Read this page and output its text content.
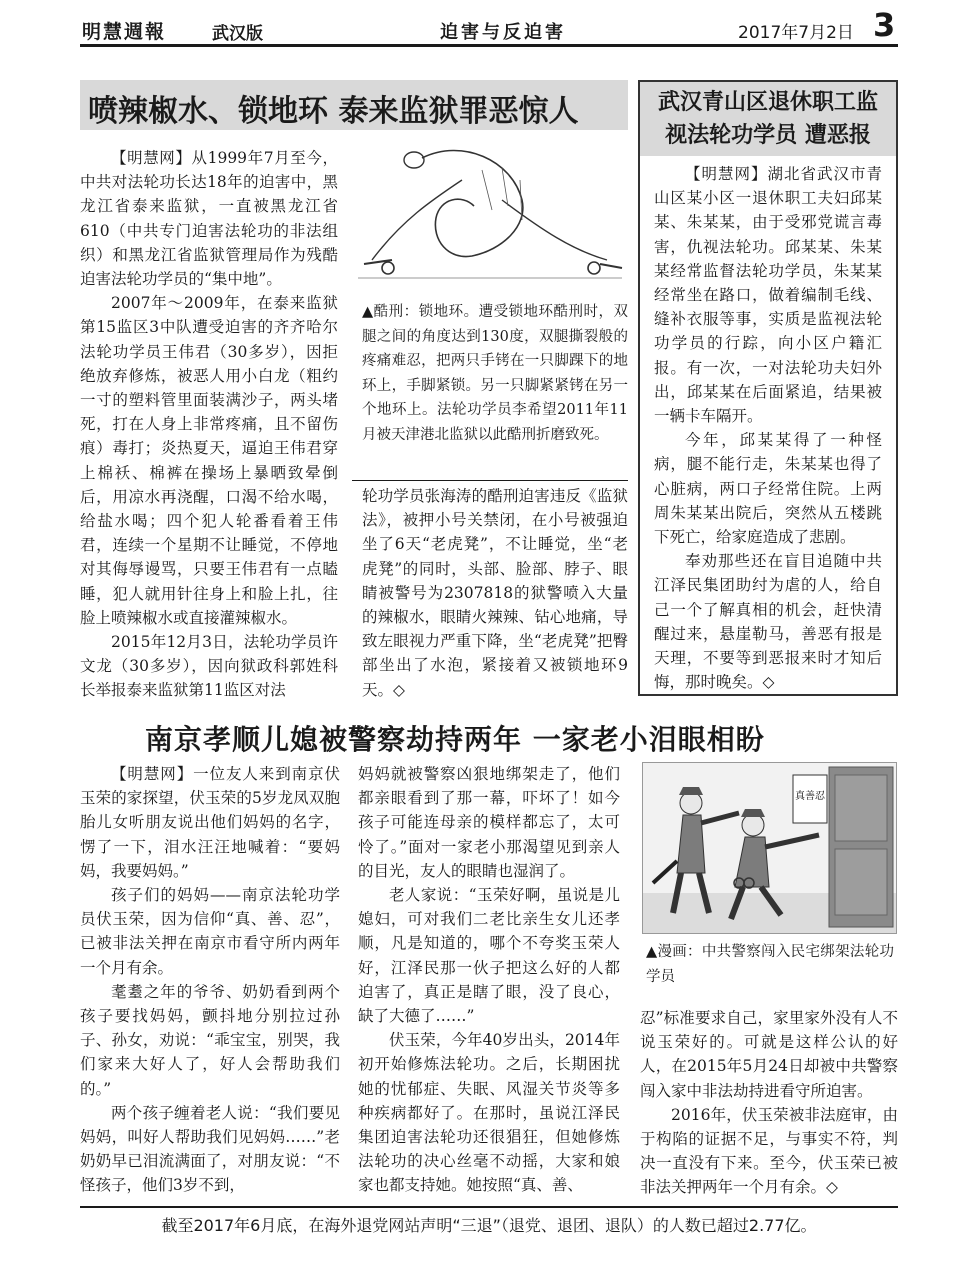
明慧週報	武汉版	迫害与反迫害	2017年7月2日 3
喷辣椒水、锁地环 泰来监狱罪恶惊人

【明慧网】从1999年7月至今，中共对法轮功长达18年的迫害中，黑龙江省泰来监狱，一直被黑龙江省610（中共专门迫害法轮功的非法组织）和黑龙江省监狱管理局作为残酷迫害法轮功学员的“集中地”。

2007年～2009年，在泰来监狱第15监区3中队遭受迫害的齐齐哈尔法轮功学员王伟君（30多岁），因拒绝放弃修炼，被恶人用小白龙（粗约一寸的塑料管里面装满沙子，两头堵死，打在人身上非常疼痛，且不留伤痕）毒打；炎热夏天，逼迫王伟君穿上棉袄、棉裤在操场上暴晒致晕倒后，用凉水再浇醒，口渴不给水喝，给盐水喝；四个犯人轮番看着王伟君，连续一个星期不让睡觉，不停地对其侮辱谩骂，只要王伟君有一点瞌睡，犯人就用针往身上和脸上扎，往脸上喷辣椒水或直接灌辣椒水。

2015年12月3日，法轮功学员许文龙（30多岁），因向狱政科郭姓科长举报泰来监狱第11监区对法

▲酷刑：锁地环。遭受锁地环酷刑时，双腿之间的角度达到130度，双腿撕裂般的疼痛难忍，把两只手铐在一只脚踝下的地环上，手脚紧锁。另一只脚紧紧铐在另一个地环上。法轮功学员李希望2011年11月被天津港北监狱以此酷刑折磨致死。

轮功学员张海涛的酷刑迫害违反《监狱法》，被押小号关禁闭，在小号被强迫坐了6天“老虎凳”，不让睡觉，坐“老虎凳”的同时，头部、脸部、脖子、眼睛被警号为2307818的狱警喷入大量的辣椒水，眼睛火辣辣、钻心地痛，导致左眼视力严重下降，坐“老虎凳”把臀部坐出了水泡，紧接着又被锁地环9天。◇

武汉青山区退休职工监
视法轮功学员 遭恶报

【明慧网】湖北省武汉市青山区某小区一退休职工夫妇邱某某、朱某某，由于受邪党谎言毒害，仇视法轮功。邱某某、朱某某经常监督法轮功学员，朱某某经常坐在路口，做着编制毛线、缝补衣服等事，实质是监视法轮功学员的行踪，向小区户籍汇报。有一次，一对法轮功夫妇外出，邱某某在后面紧追，结果被一辆卡车隔开。

今年，邱某某得了一种怪病，腿不能行走，朱某某也得了心脏病，两口子经常住院。上两周朱某某出院后，突然从五楼跳下死亡，给家庭造成了悲剧。

奉劝那些还在盲目追随中共江泽民集团助纣为虐的人，给自己一个了解真相的机会，赶快清醒过来，悬崖勒马，善恶有报是天理，不要等到恶报来时才知后悔，那时晚矣。◇

南京孝顺儿媳被警察劫持两年 一家老小泪眼相盼

【明慧网】一位友人来到南京伏玉荣的家探望，伏玉荣的5岁龙凤双胞胎儿女听朋友说出他们妈妈的名字，愣了一下，泪水汪汪地喊着：“要妈妈，我要妈妈。”

孩子们的妈妈——南京法轮功学员伏玉荣，因为信仰“真、善、忍”，已被非法关押在南京市看守所内两年一个月有余。

耄耋之年的爷爷、奶奶看到两个孩子要找妈妈，颤抖地分别拉过孙子、孙女，劝说：“乖宝宝，别哭，我们家来大好人了，好人会帮助我们的。”

两个孩子缠着老人说：“我们要见妈妈，叫好人帮助我们见妈妈……”老奶奶早已泪流满面了，对朋友说：“不怪孩子，他们3岁不到，

妈妈就被警察凶狠地绑架走了，他们都亲眼看到了那一幕，吓坏了！如今孩子可能连母亲的模样都忘了，太可怜了。”面对一家老小那渴望见到亲人的目光，友人的眼睛也湿润了。

老人家说：“玉荣好啊，虽说是儿媳妇，可对我们二老比亲生女儿还孝顺，凡是知道的，哪个不夸奖玉荣人好，江泽民那一伙子把这么好的人都迫害了，真正是瞎了眼，没了良心，缺了大德了……”

伏玉荣，今年40岁出头，2014年初开始修炼法轮功。之后，长期困扰她的忧郁症、失眠、风湿关节炎等多种疾病都好了。在那时，虽说江泽民集团迫害法轮功还很猖狂，但她修炼法轮功的决心丝毫不动摇，大家和娘家也都支持她。她按照“真、善、

真善忍

▲漫画：中共警察闯入民宅绑架法轮功学员

忍”标准要求自己，家里家外没有人不说玉荣好的。可就是这样公认的好人，在2015年5月24日却被中共警察闯入家中非法劫持进看守所迫害。

2016年，伏玉荣被非法庭审，由于构陷的证据不足，与事实不符，判决一直没有下来。至今，伏玉荣已被非法关押两年一个月有余。◇

截至2017年6月底，在海外退党网站声明“三退”（退党、退团、退队）的人数已超过2.77亿。
